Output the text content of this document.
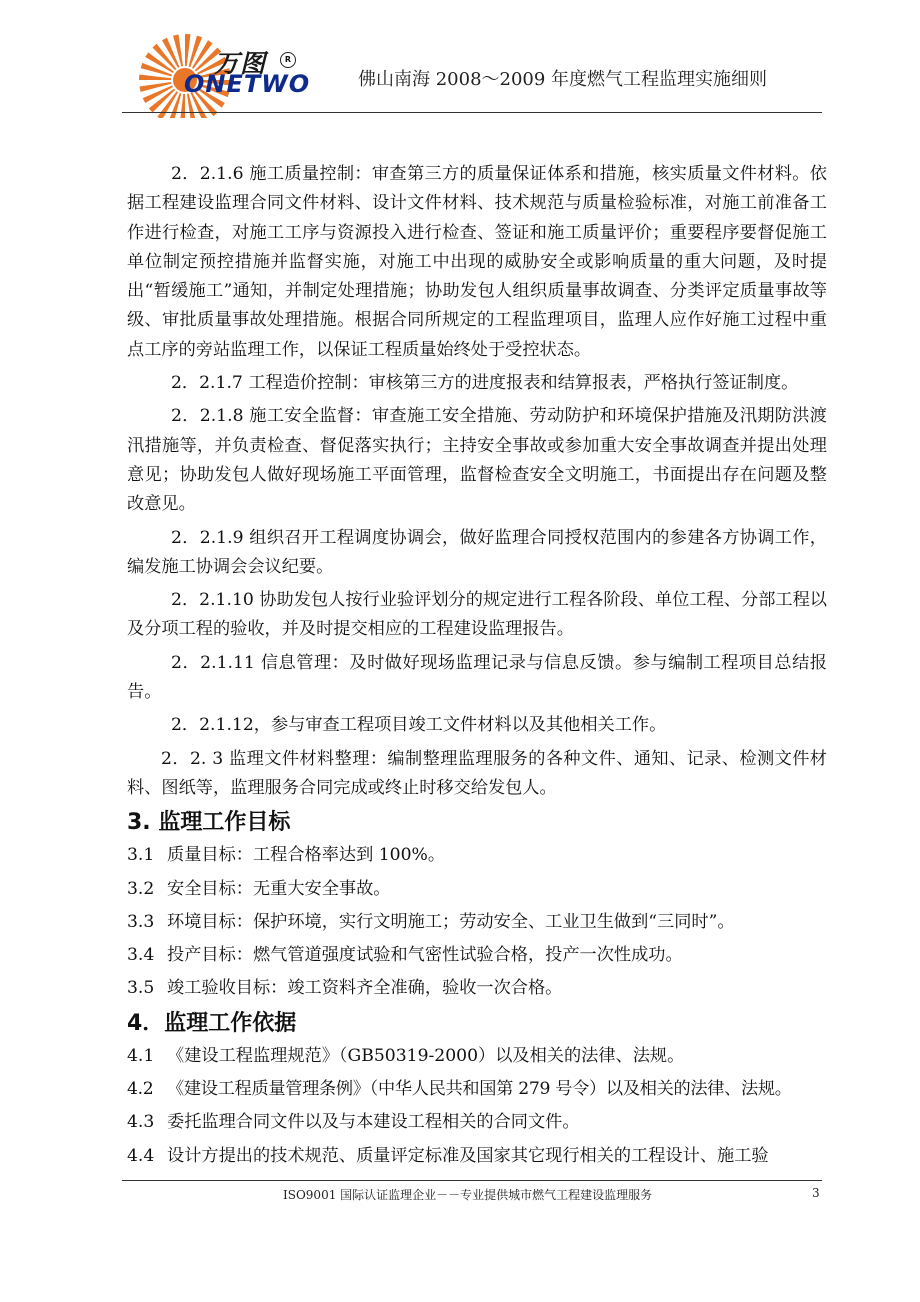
万图	R
ONETWO	佛山南海 2008～2009 年度燃气工程监理实施细则

2．2.1.6 施工质量控制：审查第三方的质量保证体系和措施，核实质量文件材料。依据工程建设监理合同文件材料、设计文件材料、技术规范与质量检验标准，对施工前准备工作进行检查，对施工工序与资源投入进行检查、签证和施工质量评价；重要程序要督促施工单位制定预控措施并监督实施，对施工中出现的威胁安全或影响质量的重大问题，及时提出“暂缓施工”通知，并制定处理措施；协助发包人组织质量事故调查、分类评定质量事故等级、审批质量事故处理措施。根据合同所规定的工程监理项目，监理人应作好施工过程中重点工序的旁站监理工作，以保证工程质量始终处于受控状态。

2．2.1.7 工程造价控制：审核第三方的进度报表和结算报表，严格执行签证制度。

2．2.1.8 施工安全监督：审查施工安全措施、劳动防护和环境保护措施及汛期防洪渡汛措施等，并负责检查、督促落实执行；主持安全事故或参加重大安全事故调查并提出处理意见；协助发包人做好现场施工平面管理，监督检查安全文明施工，书面提出存在问题及整改意见。

2．2.1.9 组织召开工程调度协调会，做好监理合同授权范围内的参建各方协调工作，编发施工协调会会议纪要。

2．2.1.10 协助发包人按行业验评划分的规定进行工程各阶段、单位工程、分部工程以及分项工程的验收，并及时提交相应的工程建设监理报告。

2．2.1.11 信息管理：及时做好现场监理记录与信息反馈。参与编制工程项目总结报告。

2．2.1.12，参与审查工程项目竣工文件材料以及其他相关工作。

2．2. 3 监理文件材料整理：编制整理监理服务的各种文件、通知、记录、检测文件材料、图纸等，监理服务合同完成或终止时移交给发包人。

3. 监理工作目标
3.1 质量目标：工程合格率达到 100%。
3.2 安全目标：无重大安全事故。
3.3 环境目标：保护环境，实行文明施工；劳动安全、工业卫生做到“三同时”。
3.4 投产目标：燃气管道强度试验和气密性试验合格，投产一次性成功。
3.5 竣工验收目标：竣工资料齐全准确，验收一次合格。
4．监理工作依据
4.1 《建设工程监理规范》（GB50319-2000）以及相关的法律、法规。
4.2 《建设工程质量管理条例》（中华人民共和国第 279 号令）以及相关的法律、法规。
4.3 委托监理合同文件以及与本建设工程相关的合同文件。
4.4 设计方提出的技术规范、质量评定标准及国家其它现行相关的工程设计、施工验
ISO9001 国际认证监理企业－－专业提供城市燃气工程建设监理服务	3
